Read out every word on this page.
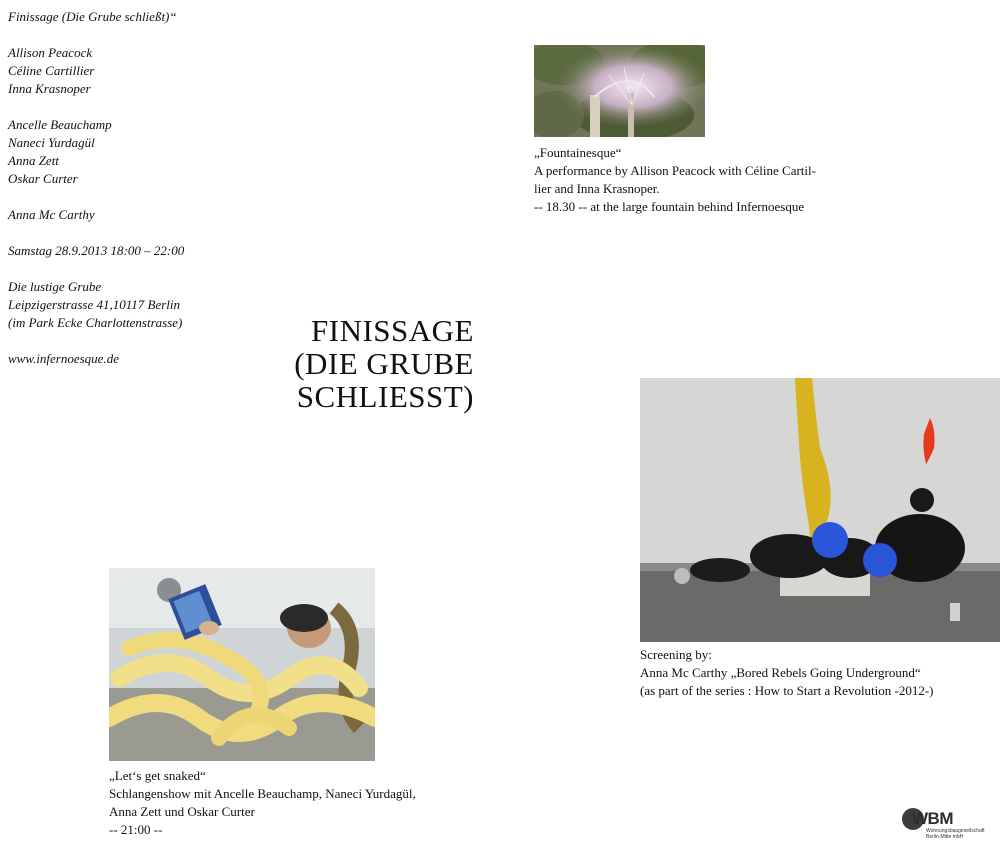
Finissage (Die Grube schließt)“

Allison Peacock
Céline Cartillier
Inna Krasnoper

Ancelle Beauchamp
Naneci Yurdagül
Anna Zett
Oskar Curter

Anna Mc Carthy

Samstag 28.9.2013 18:00 – 22:00

Die lustige Grube
Leipzigerstrasse 41,10117 Berlin
(im Park Ecke Charlottenstrasse)

www.infernoesque.de

FINISSAGE
(DIE GRUBE
SCHLIESST)
„Fountainesque“
A performance by Allison Peacock with Céline Cartil-
lier and Inna Krasnoper.
-- 18.30 -- at the large fountain behind Infernoesque
Screening by:
Anna Mc Carthy „Bored Rebels Going Underground“
(as part of the series : How to Start a Revolution -2012-)
„Let‘s get snaked“
Schlangenshow mit Ancelle Beauchamp, Naneci Yurdagül,
Anna Zett und Oskar Curter
-- 21:00 --
WBM
Wohnungsbaugesellschaft
Berlin-Mitte mbH
